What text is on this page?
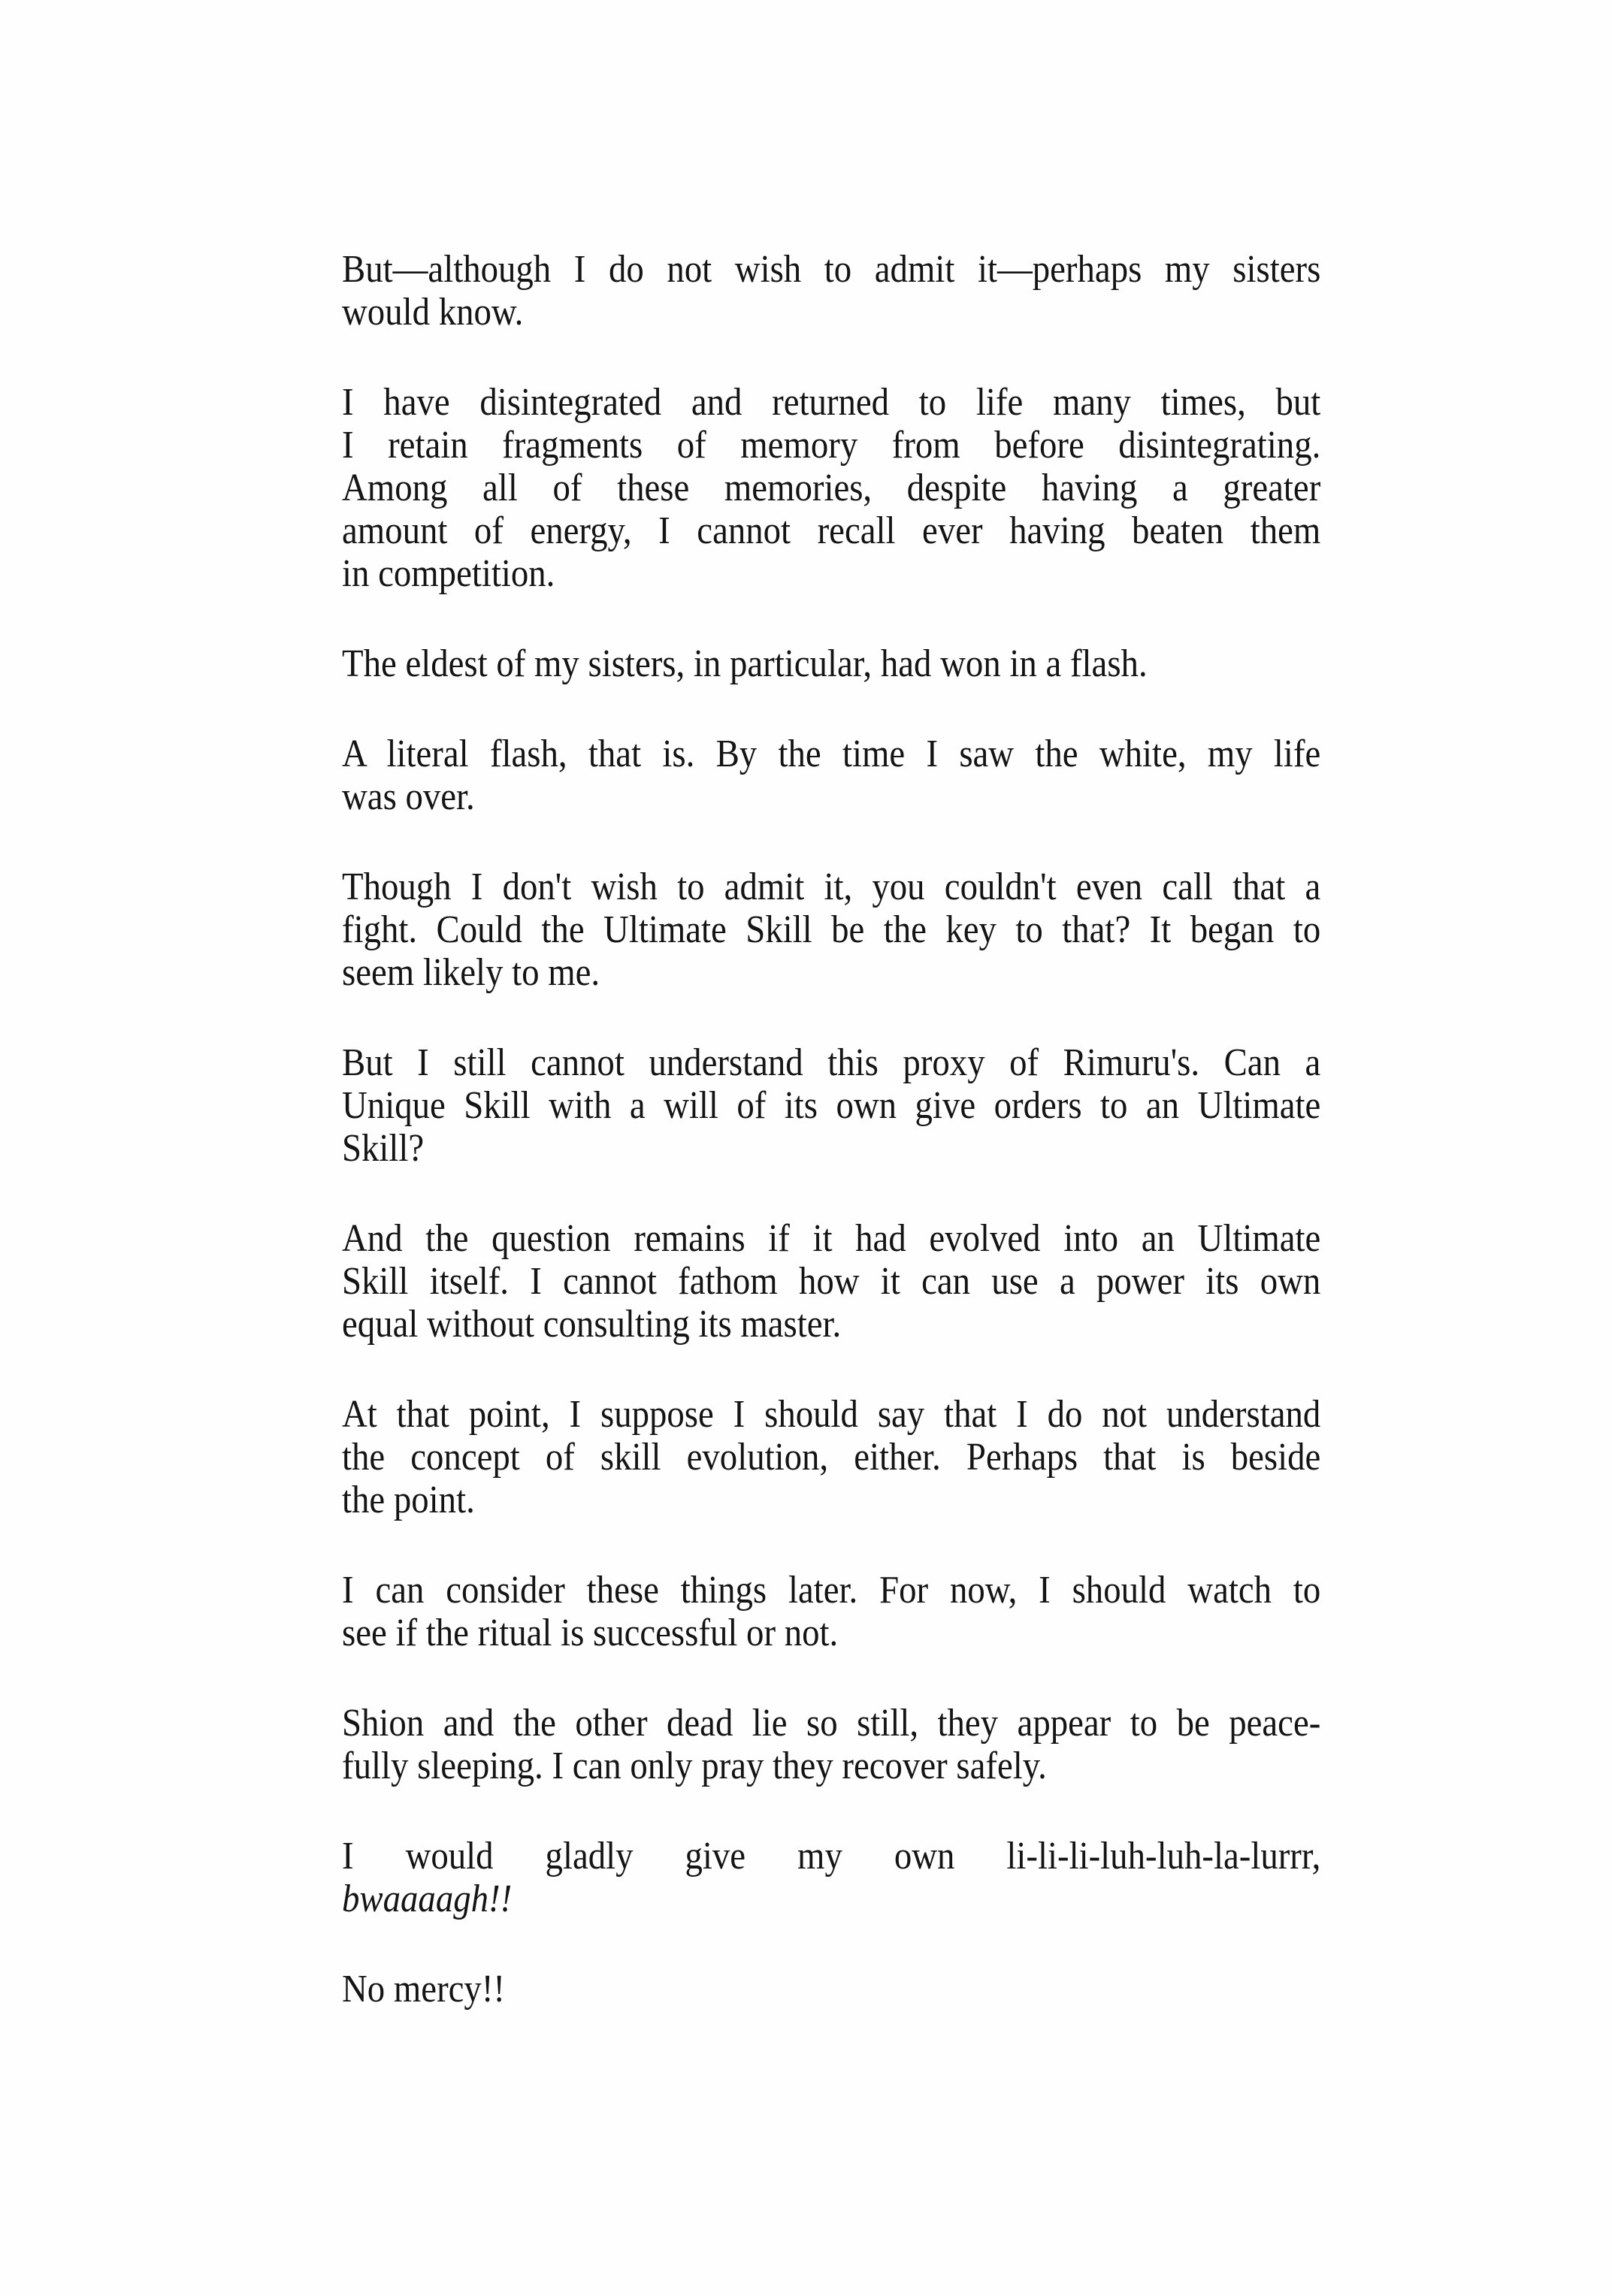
But—although I do not wish to admit it—perhaps my sisters
would know.
I have disintegrated and returned to life many times, but
I retain fragments of memory from before disintegrating.
Among all of these memories, despite having a greater
amount of energy, I cannot recall ever having beaten them
in competition.
The eldest of my sisters, in particular, had won in a flash.
A literal flash, that is. By the time I saw the white, my life
was over.
Though I don't wish to admit it, you couldn't even call that a
fight. Could the Ultimate Skill be the key to that? It began to
seem likely to me.
But I still cannot understand this proxy of Rimuru's. Can a
Unique Skill with a will of its own give orders to an Ultimate
Skill?
And the question remains if it had evolved into an Ultimate
Skill itself. I cannot fathom how it can use a power its own
equal without consulting its master.
At that point, I suppose I should say that I do not understand
the concept of skill evolution, either. Perhaps that is beside
the point.
I can consider these things later. For now, I should watch to
see if the ritual is successful or not.
Shion and the other dead lie so still, they appear to be peace-
fully sleeping. I can only pray they recover safely.
I would gladly give my own li-li-li-luh-luh-la-lurrr,
bwaaaagh!!
No mercy!!
